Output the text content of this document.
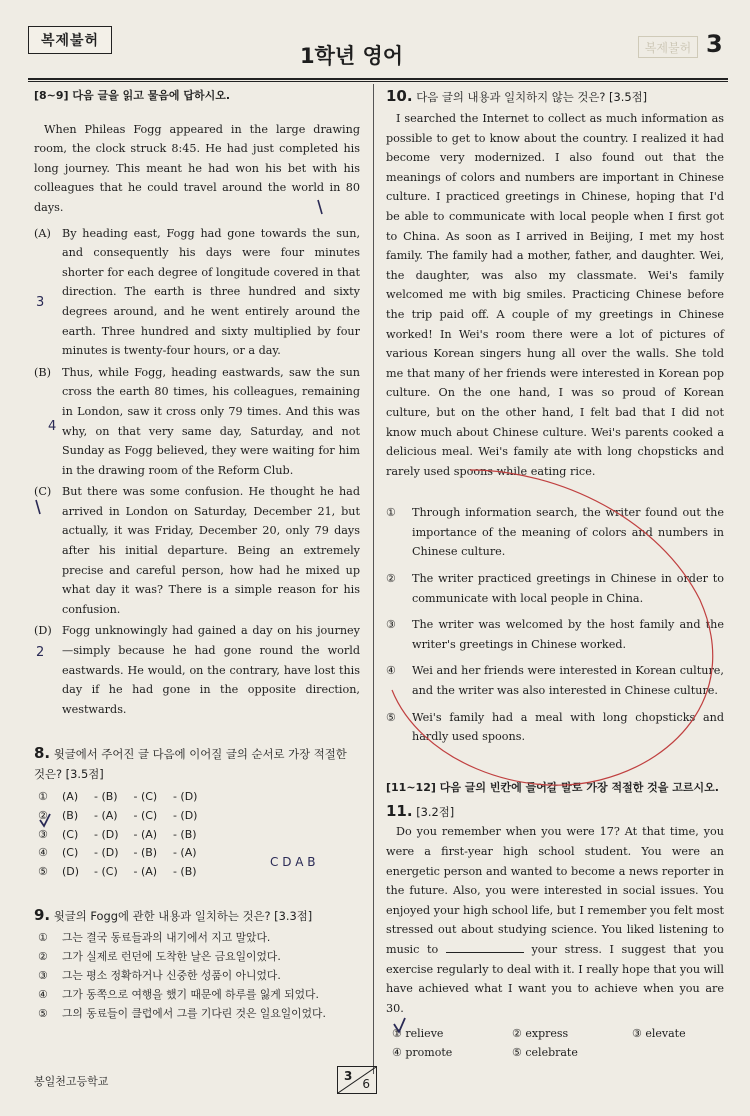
복제불허
1학년 영어	복제불허 3

[8~9] 다음 글을 읽고 물음에 답하시오.

When Phileas Fogg appeared in the large drawing room, the clock struck 8:45. He had just completed his long journey. This meant he had won his bet with his colleagues that he could travel around the world in 80 days.

(A) By heading east, Fogg had gone towards the sun, and consequently his days were four minutes shorter for each degree of longitude covered in that direction. The earth is three hundred and sixty degrees around, and he went entirely around the earth. Three hundred and sixty multiplied by four minutes is twenty-four hours, or a day.
(B) Thus, while Fogg, heading eastwards, saw the sun cross the earth 80 times, his colleagues, remaining in London, saw it cross only 79 times. And this was why, on that very same day, Saturday, and not Sunday as Fogg believed, they were waiting for him in the drawing room of the Reform Club.
(C) But there was some confusion. He thought he had arrived in London on Saturday, December 21, but actually, it was Friday, December 20, only 79 days after his initial departure. Being an extremely precise and careful person, how had he mixed up what day it was? There is a simple reason for his confusion.
(D) Fogg unknowingly had gained a day on his journey—simply because he had gone round the world eastwards. He would, on the contrary, have lost this day if he had gone in the opposite direction, westwards.

8. 윗글에서 주어진 글 다음에 이어질 글의 순서로 가장 적절한 것은? [3.5점]

①	(A) - (B) - (C) - (D)
②	(B) - (A) - (C) - (D)
③	(C) - (D) - (A) - (B)
④	(C) - (D) - (B) - (A)
⑤	(D) - (C) - (A) - (B)

9. 윗글의 Fogg에 관한 내용과 일치하는 것은? [3.3점]

①	그는 결국 동료들과의 내기에서 지고 말았다.
②	그가 실제로 런던에 도착한 날은 금요일이었다.
③	그는 평소 정확하거나 신중한 성품이 아니었다.
④	그가 동쪽으로 여행을 했기 때문에 하루를 잃게 되었다.
⑤	그의 동료들이 클럽에서 그를 기다린 것은 일요일이었다.

10. 다음 글의 내용과 일치하지 않는 것은? [3.5점]

I searched the Internet to collect as much information as possible to get to know about the country. I realized it had become very modernized. I also found out that the meanings of colors and numbers are important in Chinese culture. I practiced greetings in Chinese, hoping that I'd be able to communicate with local people when I first got to China. As soon as I arrived in Beijing, I met my host family. The family had a mother, father, and daughter. Wei, the daughter, was also my classmate. Wei's family welcomed me with big smiles. Practicing Chinese before the trip paid off. A couple of my greetings in Chinese worked! In Wei's room there were a lot of pictures of various Korean singers hung all over the walls. She told me that many of her friends were interested in Korean pop culture. On the one hand, I was so proud of Korean culture, but on the other hand, I felt bad that I did not know much about Chinese culture. Wei's parents cooked a delicious meal. Wei's family ate with long chopsticks and rarely used spoons while eating rice.

①	Through information search, the writer found out the importance of the meaning of colors and numbers in Chinese culture.
②	The writer practiced greetings in Chinese in order to communicate with local people in China.
③	The writer was welcomed by the host family and the writer's greetings in Chinese worked.
④	Wei and her friends were interested in Korean culture, and the writer was also interested in Chinese culture.
⑤	Wei's family had a meal with long chopsticks and hardly used spoons.

[11~12] 다음 글의 빈칸에 들어갈 말로 가장 적절한 것을 고르시오.

11. [3.2점]

Do you remember when you were 17? At that time, you were a first-year high school student. You were an energetic person and wanted to become a news reporter in the future. Also, you were interested in social issues. You enjoyed your high school life, but I remember you felt most stressed out about studying science. You liked listening to music to	your stress. I suggest that you exercise regularly to deal with it. I really hope that you will have achieved what I want you to achieve when you are 30.

① relieve	② express	③ elevate
④ promote	⑤ celebrate
C D A B
3
4
2
봉일천고등학교	3
6
